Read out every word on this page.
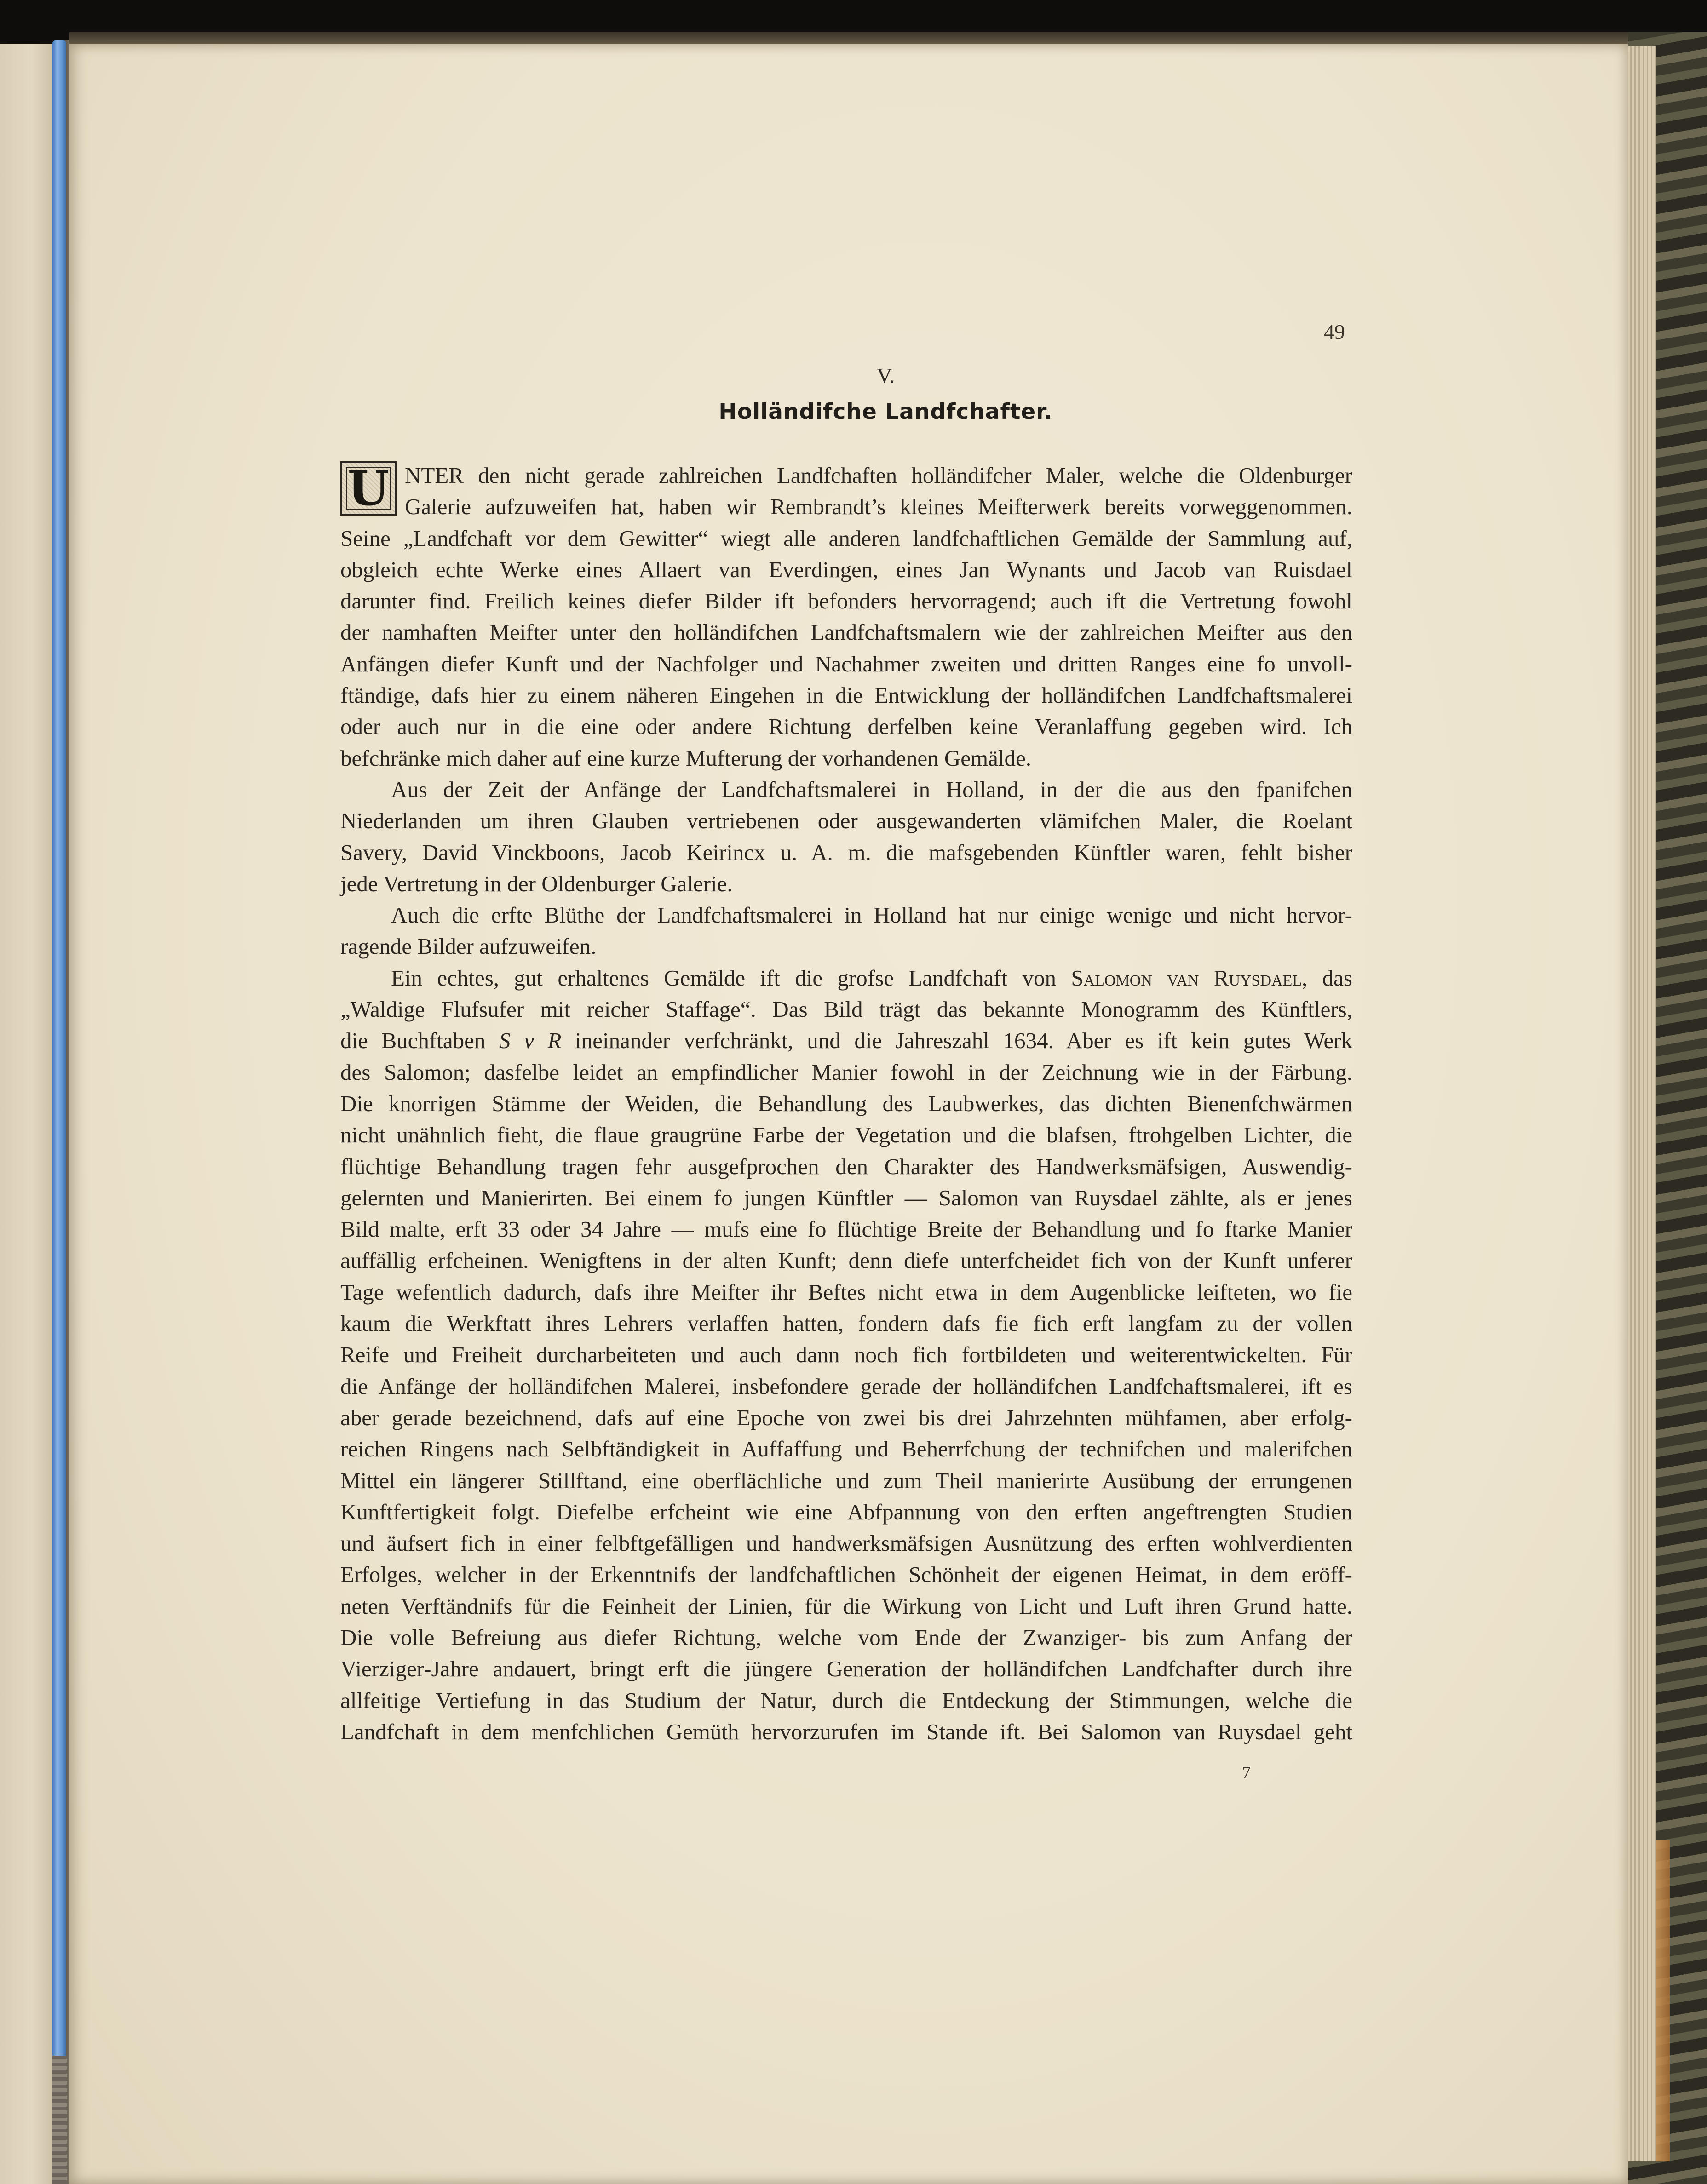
49
V.
Holländifche Landfchafter.
U NTER den nicht gerade zahlreichen Landfchaften holländifcher Maler, welche die Oldenburger
Galerie aufzuweifen hat, haben wir Rembrandt’s kleines Meifterwerk bereits vorweggenommen.
Seine „Landfchaft vor dem Gewitter“ wiegt alle anderen landfchaftlichen Gemälde der Sammlung auf,
obgleich echte Werke eines Allaert van Everdingen, eines Jan Wynants und Jacob van Ruisdael
darunter find. Freilich keines diefer Bilder ift befonders hervorragend; auch ift die Vertretung fowohl
der namhaften Meifter unter den holländifchen Landfchaftsmalern wie der zahlreichen Meifter aus den
Anfängen diefer Kunft und der Nachfolger und Nachahmer zweiten und dritten Ranges eine fo unvoll-
ftändige, dafs hier zu einem näheren Eingehen in die Entwicklung der holländifchen Landfchaftsmalerei
oder auch nur in die eine oder andere Richtung derfelben keine Veranlaffung gegeben wird. Ich
befchränke mich daher auf eine kurze Mufterung der vorhandenen Gemälde.
Aus der Zeit der Anfänge der Landfchaftsmalerei in Holland, in der die aus den fpanifchen
Niederlanden um ihren Glauben vertriebenen oder ausgewanderten vlämifchen Maler, die Roelant
Savery, David Vinckboons, Jacob Keirincx u. A. m. die mafsgebenden Künftler waren, fehlt bisher
jede Vertretung in der Oldenburger Galerie.
Auch die erfte Blüthe der Landfchaftsmalerei in Holland hat nur einige wenige und nicht hervor-
ragende Bilder aufzuweifen.
Ein echtes, gut erhaltenes Gemälde ift die grofse Landfchaft von Salomon van Ruysdael, das
„Waldige Flufsufer mit reicher Staffage“. Das Bild trägt das bekannte Monogramm des Künftlers,
die Buchftaben S v R ineinander verfchränkt, und die Jahreszahl 1634. Aber es ift kein gutes Werk
des Salomon; dasfelbe leidet an empfindlicher Manier fowohl in der Zeichnung wie in der Färbung.
Die knorrigen Stämme der Weiden, die Behandlung des Laubwerkes, das dichten Bienenfchwärmen
nicht unähnlich fieht, die flaue graugrüne Farbe der Vegetation und die blafsen, ftrohgelben Lichter, die
flüchtige Behandlung tragen fehr ausgefprochen den Charakter des Handwerksmäfsigen, Auswendig-
gelernten und Manierirten. Bei einem fo jungen Künftler — Salomon van Ruysdael zählte, als er jenes
Bild malte, erft 33 oder 34 Jahre — mufs eine fo flüchtige Breite der Behandlung und fo ftarke Manier
auffällig erfcheinen. Wenigftens in der alten Kunft; denn diefe unterfcheidet fich von der Kunft unferer
Tage wefentlich dadurch, dafs ihre Meifter ihr Beftes nicht etwa in dem Augenblicke leifteten, wo fie
kaum die Werkftatt ihres Lehrers verlaffen hatten, fondern dafs fie fich erft langfam zu der vollen
Reife und Freiheit durcharbeiteten und auch dann noch fich fortbildeten und weiterentwickelten. Für
die Anfänge der holländifchen Malerei, insbefondere gerade der holländifchen Landfchaftsmalerei, ift es
aber gerade bezeichnend, dafs auf eine Epoche von zwei bis drei Jahrzehnten mühfamen, aber erfolg-
reichen Ringens nach Selbftändigkeit in Auffaffung und Beherrfchung der technifchen und malerifchen
Mittel ein längerer Stillftand, eine oberflächliche und zum Theil manierirte Ausübung der errungenen
Kunftfertigkeit folgt. Diefelbe erfcheint wie eine Abfpannung von den erften angeftrengten Studien
und äufsert fich in einer felbftgefälligen und handwerksmäfsigen Ausnützung des erften wohlverdienten
Erfolges, welcher in der Erkenntnifs der landfchaftlichen Schönheit der eigenen Heimat, in dem eröff-
neten Verftändnifs für die Feinheit der Linien, für die Wirkung von Licht und Luft ihren Grund hatte.
Die volle Befreiung aus diefer Richtung, welche vom Ende der Zwanziger- bis zum Anfang der
Vierziger-Jahre andauert, bringt erft die jüngere Generation der holländifchen Landfchafter durch ihre
allfeitige Vertiefung in das Studium der Natur, durch die Entdeckung der Stimmungen, welche die
Landfchaft in dem menfchlichen Gemüth hervorzurufen im Stande ift. Bei Salomon van Ruysdael geht
7
